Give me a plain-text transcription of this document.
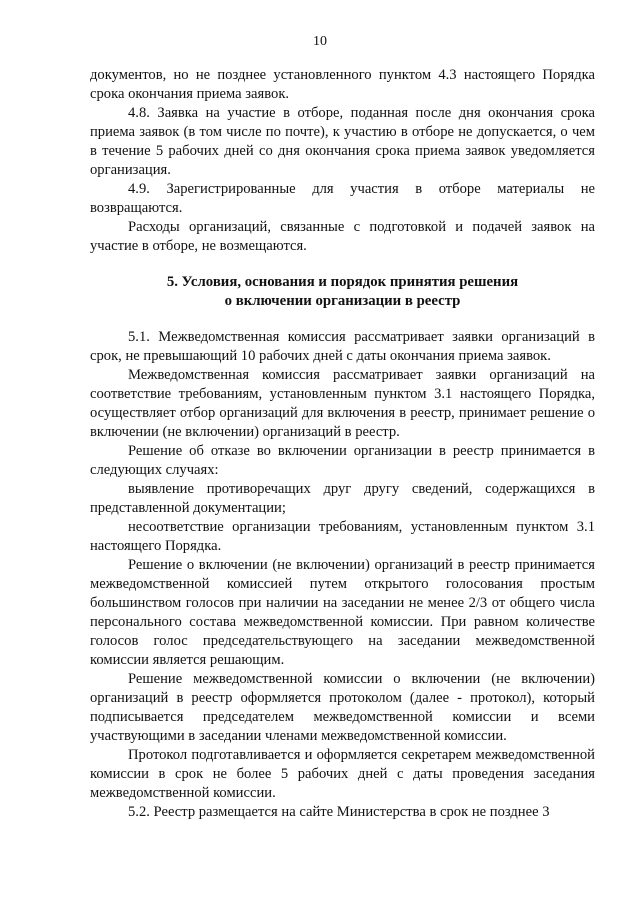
10

документов, но не позднее установленного пунктом 4.3 настоящего Порядка срока окончания приема заявок.

4.8. Заявка на участие в отборе, поданная после дня окончания срока приема заявок (в том числе по почте), к участию в отборе не допускается, о чем в течение 5 рабочих дней со дня окончания срока приема заявок уведомляется организация.

4.9. Зарегистрированные для участия в отборе материалы не возвращаются.

Расходы организаций, связанные с подготовкой и подачей заявок на участие в отборе, не возмещаются.

5. Условия, основания и порядок принятия решения
о включении организации в реестр

5.1. Межведомственная комиссия рассматривает заявки организаций в срок, не превышающий 10 рабочих дней с даты окончания приема заявок.

Межведомственная комиссия рассматривает заявки организаций на соответствие требованиям, установленным пунктом 3.1 настоящего Порядка, осуществляет отбор организаций для включения в реестр, принимает решение о включении (не включении) организаций в реестр.

Решение об отказе во включении организации в реестр принимается в следующих случаях:

выявление противоречащих друг другу сведений, содержащихся в представленной документации;

несоответствие организации требованиям, установленным пунктом 3.1 настоящего Порядка.

Решение о включении (не включении) организаций в реестр принимается межведомственной комиссией путем открытого голосования простым большинством голосов при наличии на заседании не менее 2/3 от общего числа персонального состава межведомственной комиссии. При равном количестве голосов голос председательствующего на заседании межведомственной комиссии является решающим.

Решение межведомственной комиссии о включении (не включении) организаций в реестр оформляется протоколом (далее - протокол), который подписывается председателем межведомственной комиссии и всеми участвующими в заседании членами межведомственной комиссии.

Протокол подготавливается и оформляется секретарем межведомственной комиссии в срок не более 5 рабочих дней с даты проведения заседания межведомственной комиссии.

5.2. Реестр размещается на сайте Министерства в срок не позднее 3
